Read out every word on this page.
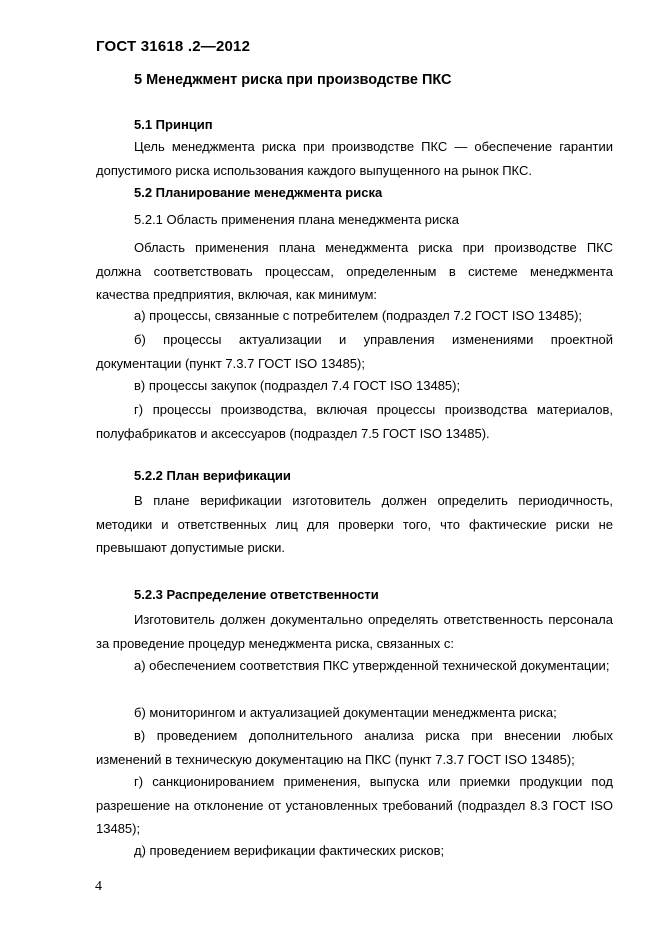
ГОСТ 31618 .2—2012
5 Менеджмент риска при производстве ПКС
5.1 Принцип

Цель менеджмента риска при производстве ПКС — обеспечение гарантии допустимого риска использования каждого выпущенного на рынок ПКС.

5.2 Планирование менеджмента риска
5.2.1 Область применения плана менеджмента риска

Область применения плана менеджмента риска при производстве ПКС должна соответствовать процессам, определенным в системе менеджмента качества предприятия, включая, как минимум:

а) процессы, связанные с потребителем (подраздел 7.2 ГОСТ ISO 13485);

б) процессы актуализации и управления изменениями проектной документации (пункт 7.3.7 ГОСТ ISO 13485);

в) процессы закупок (подраздел 7.4 ГОСТ ISO 13485);

г) процессы производства, включая процессы производства материалов, полуфабрикатов и аксессуаров (подраздел 7.5 ГОСТ ISO 13485).

5.2.2 План верификации

В плане верификации изготовитель должен определить периодичность, методики и ответственных лиц для проверки того, что фактические риски не превышают допустимые риски.

5.2.3 Распределение ответственности

Изготовитель должен документально определять ответственность персонала за проведение процедур менеджмента риска, связанных с:

а) обеспечением соответствия ПКС утвержденной технической документации;

б) мониторингом и актуализацией документации менеджмента риска;

в) проведением дополнительного анализа риска при внесении любых изменений в техническую документацию на ПКС (пункт 7.3.7 ГОСТ ISO 13485);

г) санкционированием применения, выпуска или приемки продукции под разрешение на отклонение от установленных требований (подраздел 8.3 ГОСТ ISO 13485);

д) проведением верификации фактических рисков;

4
